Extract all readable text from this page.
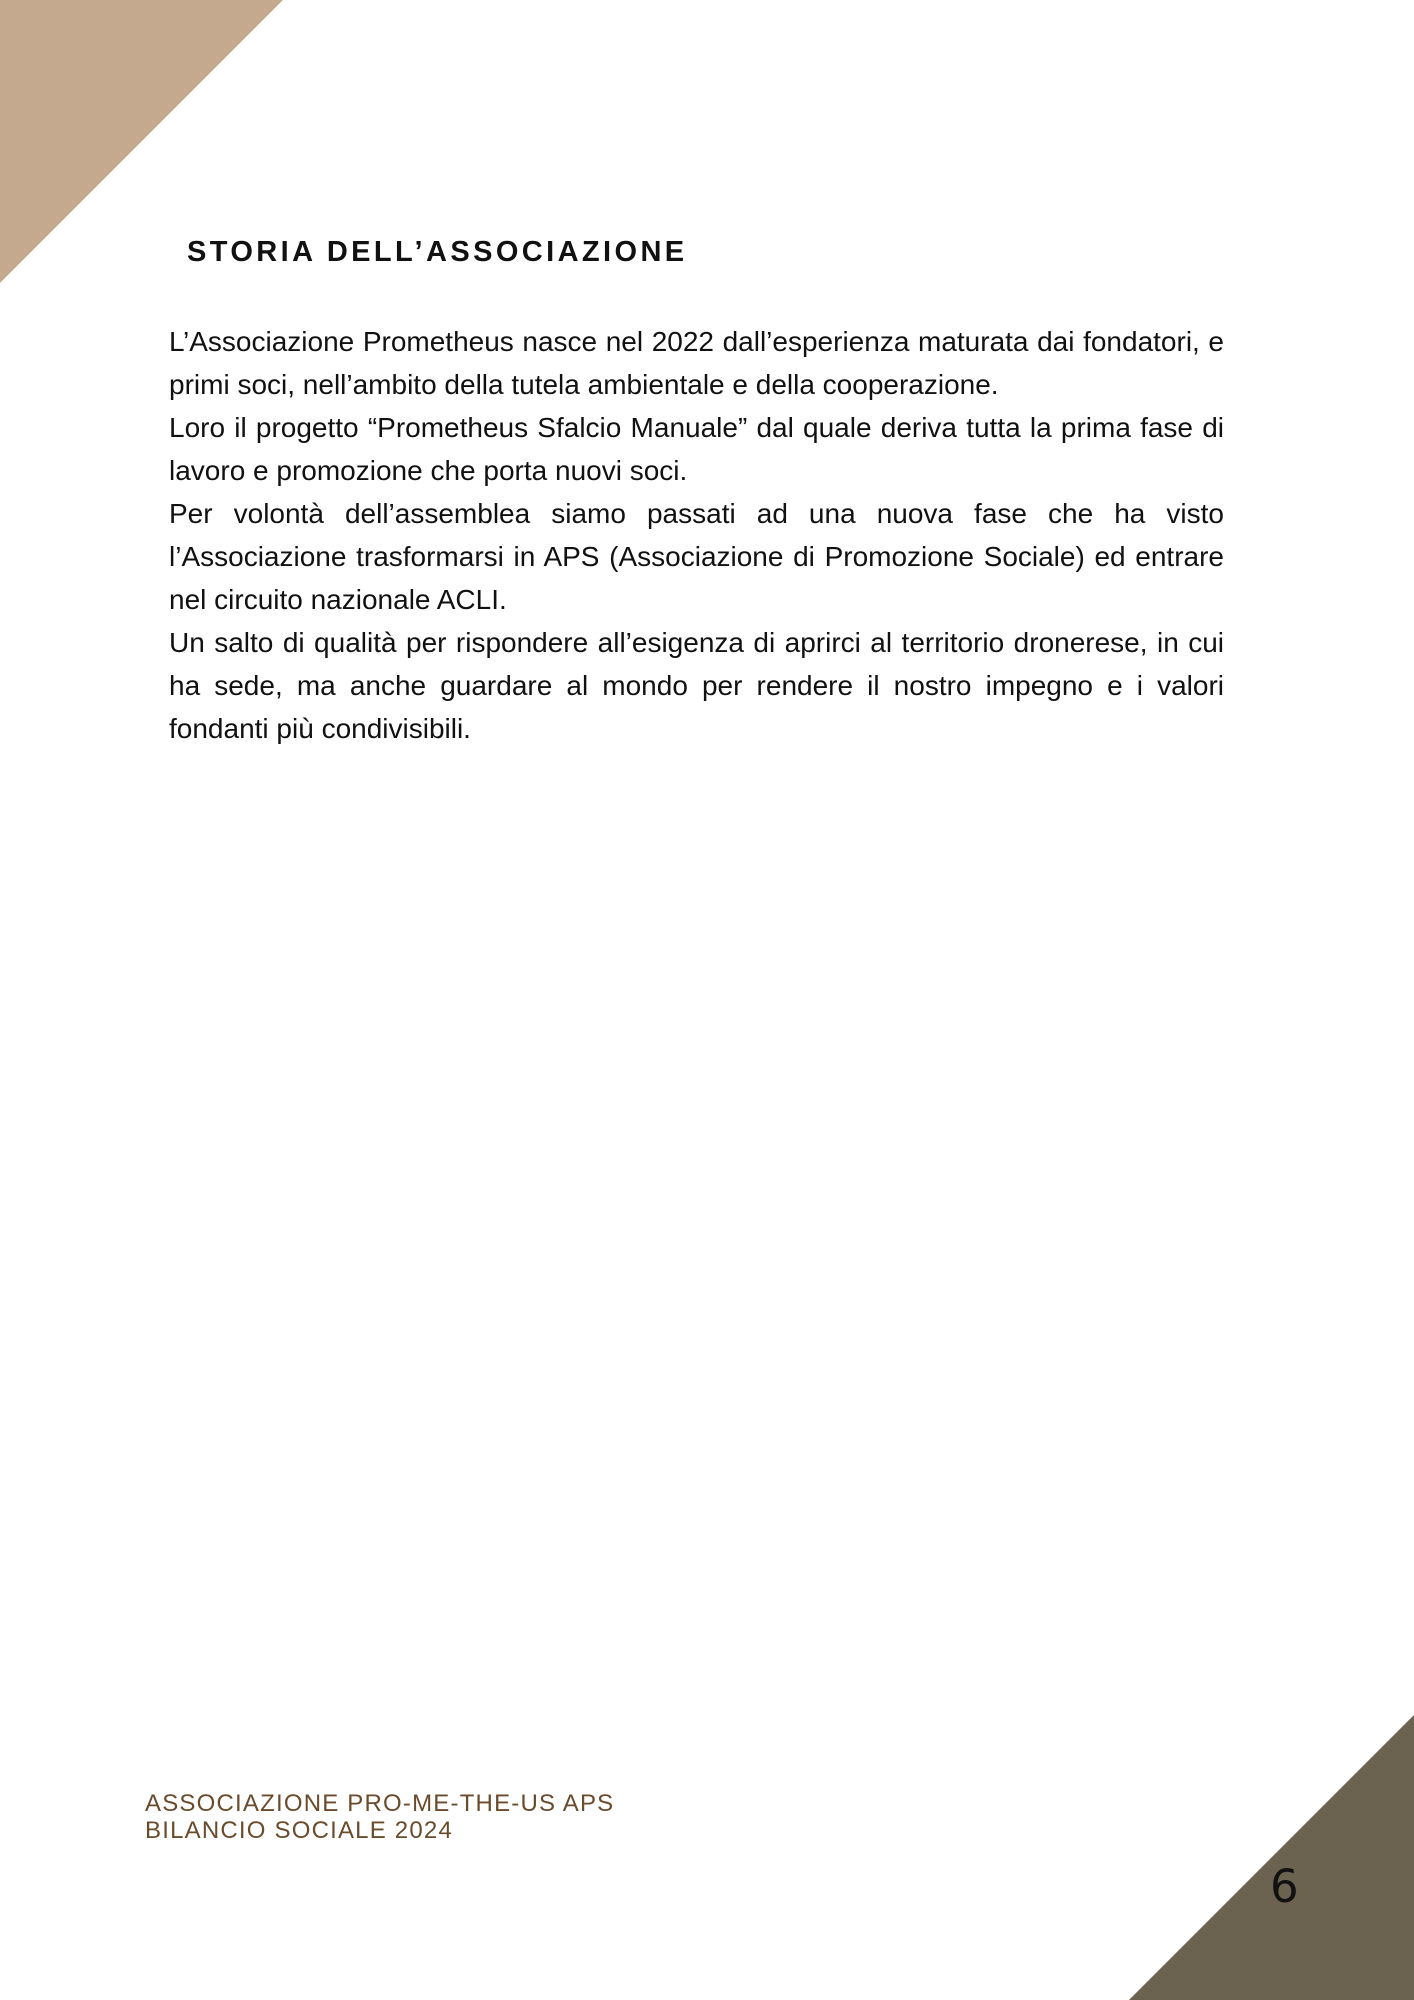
STORIA DELL’ASSOCIAZIONE

L’Associazione Prometheus nasce nel 2022 dall’esperienza maturata dai fondatori, e primi soci, nell’ambito della tutela ambientale e della cooperazione.

Loro il progetto “Prometheus Sfalcio Manuale” dal quale deriva tutta la prima fase di lavoro e promozione che porta nuovi soci.

Per volontà dell’assemblea siamo passati ad una nuova fase che ha visto l’Associazione trasformarsi in APS (Associazione di Promozione Sociale) ed entrare nel circuito nazionale ACLI.

Un salto di qualità per rispondere all’esigenza di aprirci al territorio dronerese, in cui ha sede, ma anche guardare al mondo per rendere il nostro impegno e i valori fondanti più condivisibili.

ASSOCIAZIONE PRO-ME-THE-US APS
BILANCIO SOCIALE 2024
6
